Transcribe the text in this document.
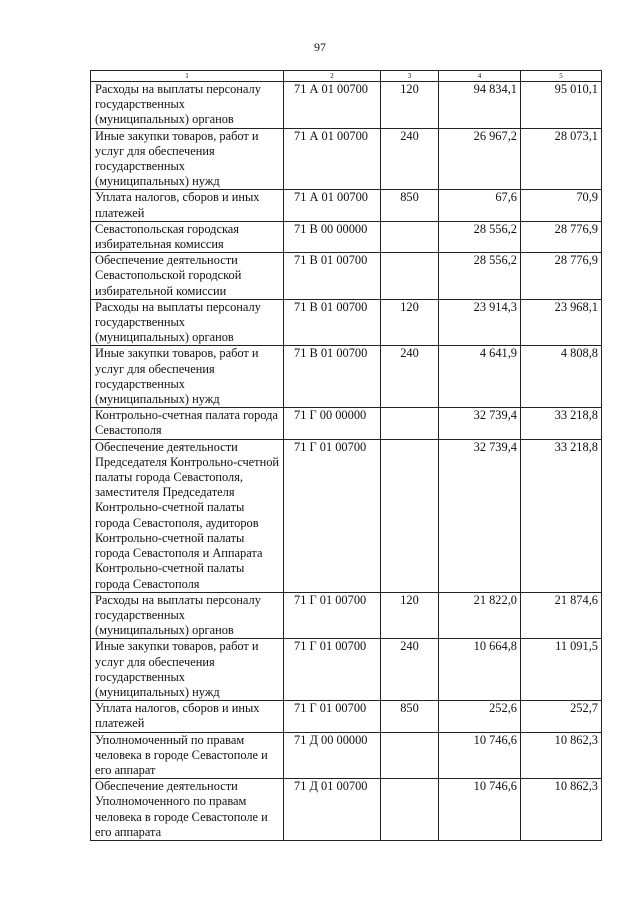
97
1	2	3	4	5
Расходы на выплаты персоналу государственных (муниципальных) органов	71 А 01 00700	120	94 834,1	95 010,1
Иные закупки товаров, работ и услуг для обеспечения государственных (муниципальных) нужд	71 А 01 00700	240	26 967,2	28 073,1
Уплата налогов, сборов и иных платежей	71 А 01 00700	850	67,6	70,9
Севастопольская городская избирательная комиссия	71 В 00 00000		28 556,2	28 776,9
Обеспечение деятельности Севастопольской городской избирательной комиссии	71 В 01 00700		28 556,2	28 776,9
Расходы на выплаты персоналу государственных (муниципальных) органов	71 В 01 00700	120	23 914,3	23 968,1
Иные закупки товаров, работ и услуг для обеспечения государственных (муниципальных) нужд	71 В 01 00700	240	4 641,9	4 808,8
Контрольно-счетная палата города Севастополя	71 Г 00 00000		32 739,4	33 218,8
Обеспечение деятельности Председателя Контрольно-счетной палаты города Севастополя, заместителя Председателя Контрольно-счетной палаты города Севастополя, аудиторов Контрольно-счетной палаты города Севастополя и Аппарата Контрольно-счетной палаты города Севастополя	71 Г 01 00700		32 739,4	33 218,8
Расходы на выплаты персоналу государственных (муниципальных) органов	71 Г 01 00700	120	21 822,0	21 874,6
Иные закупки товаров, работ и услуг для обеспечения государственных (муниципальных) нужд	71 Г 01 00700	240	10 664,8	11 091,5
Уплата налогов, сборов и иных платежей	71 Г 01 00700	850	252,6	252,7
Уполномоченный по правам человека в городе Севастополе и его аппарат	71 Д 00 00000		10 746,6	10 862,3
Обеспечение деятельности Уполномоченного по правам человека в городе Севастополе и его аппарата	71 Д 01 00700		10 746,6	10 862,3
